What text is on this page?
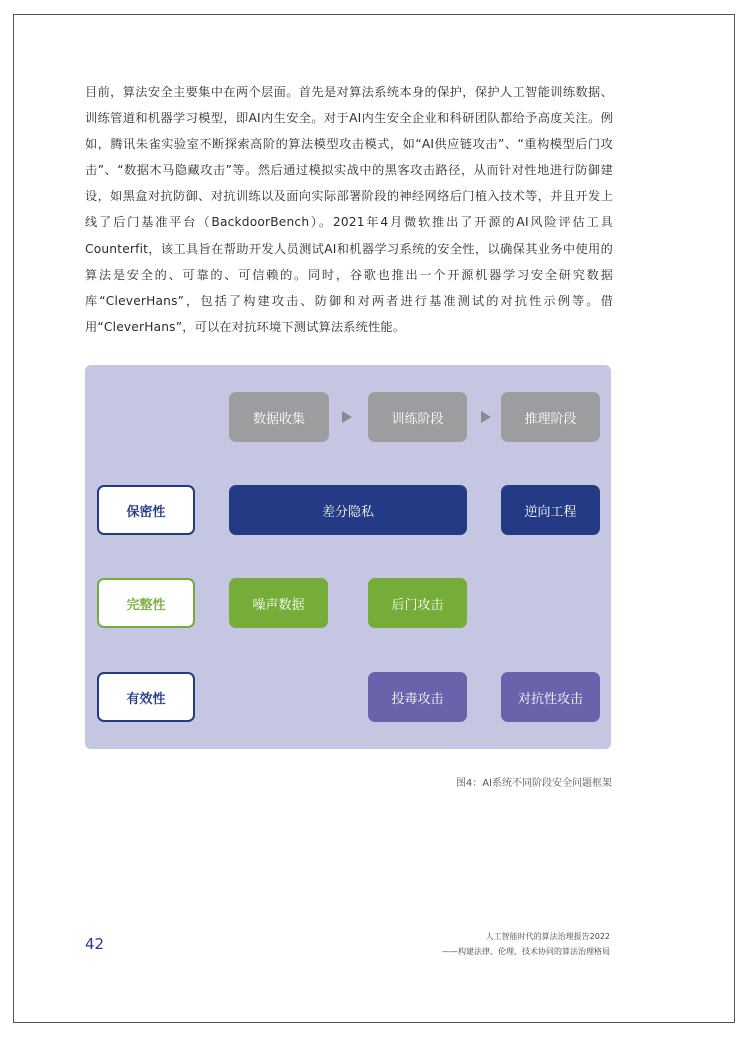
目前，算法安全主要集中在两个层面。首先是对算法系统本身的保护，保护人工智能训练数据、训练管道和机器学习模型，即AI内生安全。对于AI内生安全企业和科研团队都给予高度关注。例如，腾讯朱雀实验室不断探索高阶的算法模型攻击模式，如“AI供应链攻击”、“重构模型后门攻击”、“数据木马隐藏攻击”等。然后通过模拟实战中的黑客攻击路径，从而针对性地进行防御建设，如黑盒对抗防御、对抗训练以及面向实际部署阶段的神经网络后门植入技术等，并且开发上线了后门基准平台（BackdoorBench）。2021年4月微软推出了开源的AI风险评估工具Counterfit，该工具旨在帮助开发人员测试AI和机器学习系统的安全性，以确保其业务中使用的算法是安全的、可靠的、可信赖的。同时，谷歌也推出一个开源机器学习安全研究数据库“CleverHans”，包括了构建攻击、防御和对两者进行基准测试的对抗性示例等。借用“CleverHans”，可以在对抗环境下测试算法系统性能。

数据收集	训练阶段	推理阶段
保密性	差分隐私	逆向工程
完整性	噪声数据	后门攻击
有效性	投毒攻击	对抗性攻击
图4：AI系统不同阶段安全问题框架
42	人工智能时代的算法治理报告2022
——构建法律、伦理、技术协同的算法治理格局
